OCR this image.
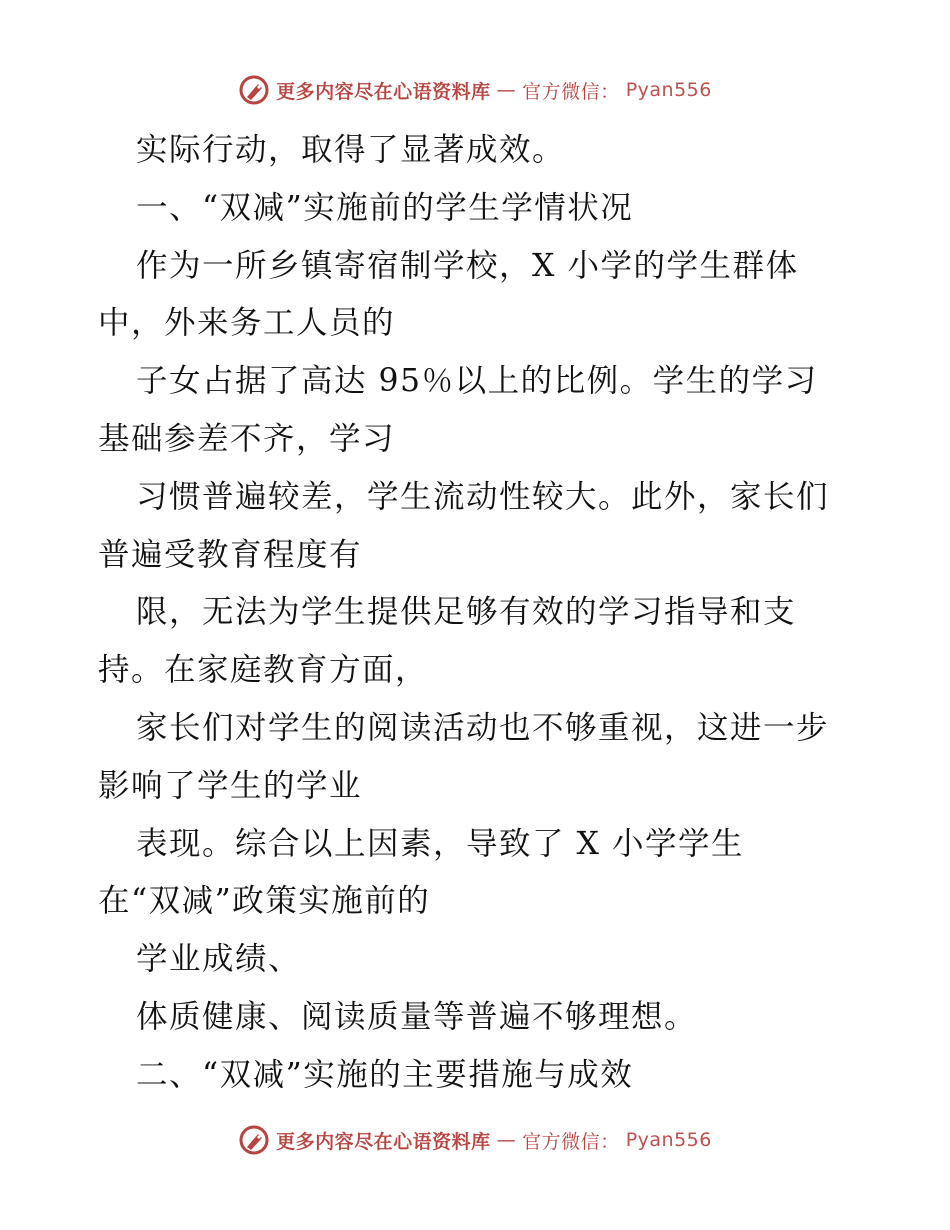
更多内容尽在心语资料库 — 官方微信： Pyan556
实际行动，取得了显著成效。
一、“双减”实施前的学生学情状况
作为一所乡镇寄宿制学校，X 小学的学生群体
中，外来务工人员的
子女占据了高达 95％以上的比例。学生的学习
基础参差不齐，学习
习惯普遍较差，学生流动性较大。此外，家长们
普遍受教育程度有
限，无法为学生提供足够有效的学习指导和支
持。在家庭教育方面，
家长们对学生的阅读活动也不够重视，这进一步
影响了学生的学业
表现。综合以上因素，导致了 X 小学学生
在“双减”政策实施前的
学业成绩、
体质健康、阅读质量等普遍不够理想。
二、“双减”实施的主要措施与成效
更多内容尽在心语资料库 — 官方微信： Pyan556
